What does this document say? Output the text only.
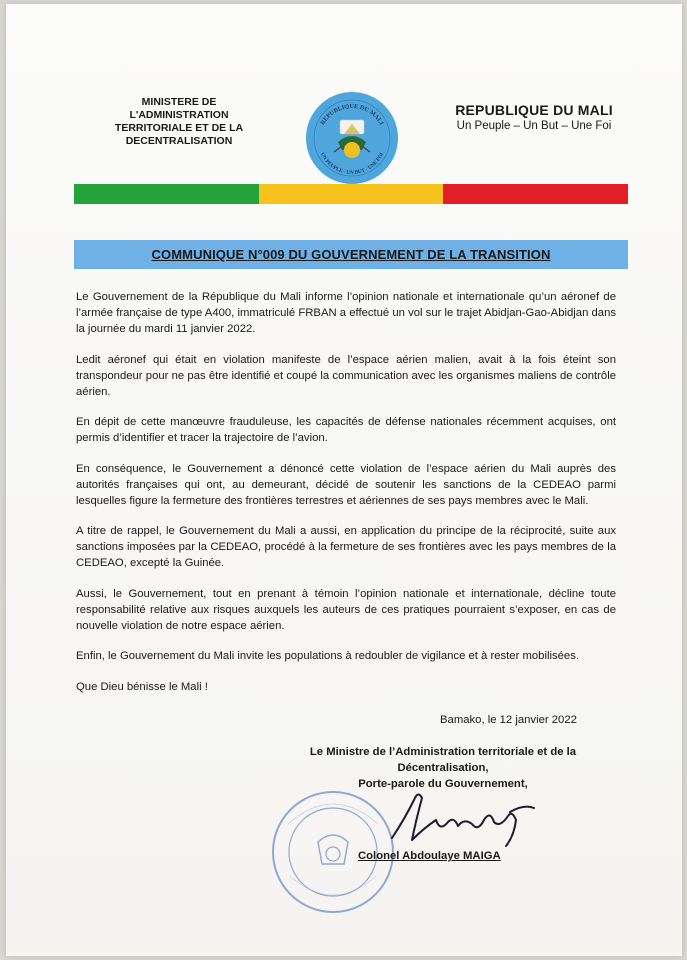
MINISTERE DE L'ADMINISTRATION TERRITORIALE ET DE LA DECENTRALISATION
REPUBLIQUE DU MALI
UN PEUPLE - UN BUT - UNE FOI
REPUBLIQUE DU MALI
Un Peuple – Un But – Une Foi
COMMUNIQUE N°009 DU GOUVERNEMENT DE LA TRANSITION

Le Gouvernement de la République du Mali informe l’opinion nationale et internationale qu’un aéronef de l’armée française de type A400, immatriculé FRBAN a effectué un vol sur le trajet Abidjan-Gao-Abidjan dans la journée du mardi 11 janvier 2022.

Ledit aéronef qui était en violation manifeste de l’espace aérien malien, avait à la fois éteint son transpondeur pour ne pas être identifié et coupé la communication avec les organismes maliens de contrôle aérien.

En dépit de cette manœuvre frauduleuse, les capacités de défense nationales récemment acquises, ont permis d’identifier et tracer la trajectoire de l’avion.

En conséquence, le Gouvernement a dénoncé cette violation de l’espace aérien du Mali auprès des autorités françaises qui ont, au demeurant, décidé de soutenir les sanctions de la CEDEAO parmi lesquelles figure la fermeture des frontières terrestres et aériennes de ses pays membres avec le Mali.

A titre de rappel, le Gouvernement du Mali a aussi, en application du principe de la réciprocité, suite aux sanctions imposées par la CEDEAO, procédé à la fermeture de ses frontières avec les pays membres de la CEDEAO, excepté la Guinée.

Aussi, le Gouvernement, tout en prenant à témoin l’opinion nationale et internationale, décline toute responsabilité relative aux risques auxquels les auteurs de ces pratiques pourraient s’exposer, en cas de nouvelle violation de notre espace aérien.

Enfin, le Gouvernement du Mali invite les populations à redoubler de vigilance et à rester mobilisées.

Que Dieu bénisse le Mali !

Bamako, le 12 janvier 2022
Le Ministre de l’Administration territoriale et de la Décentralisation,
Porte-parole du Gouvernement,
Colonel Abdoulaye MAIGA
